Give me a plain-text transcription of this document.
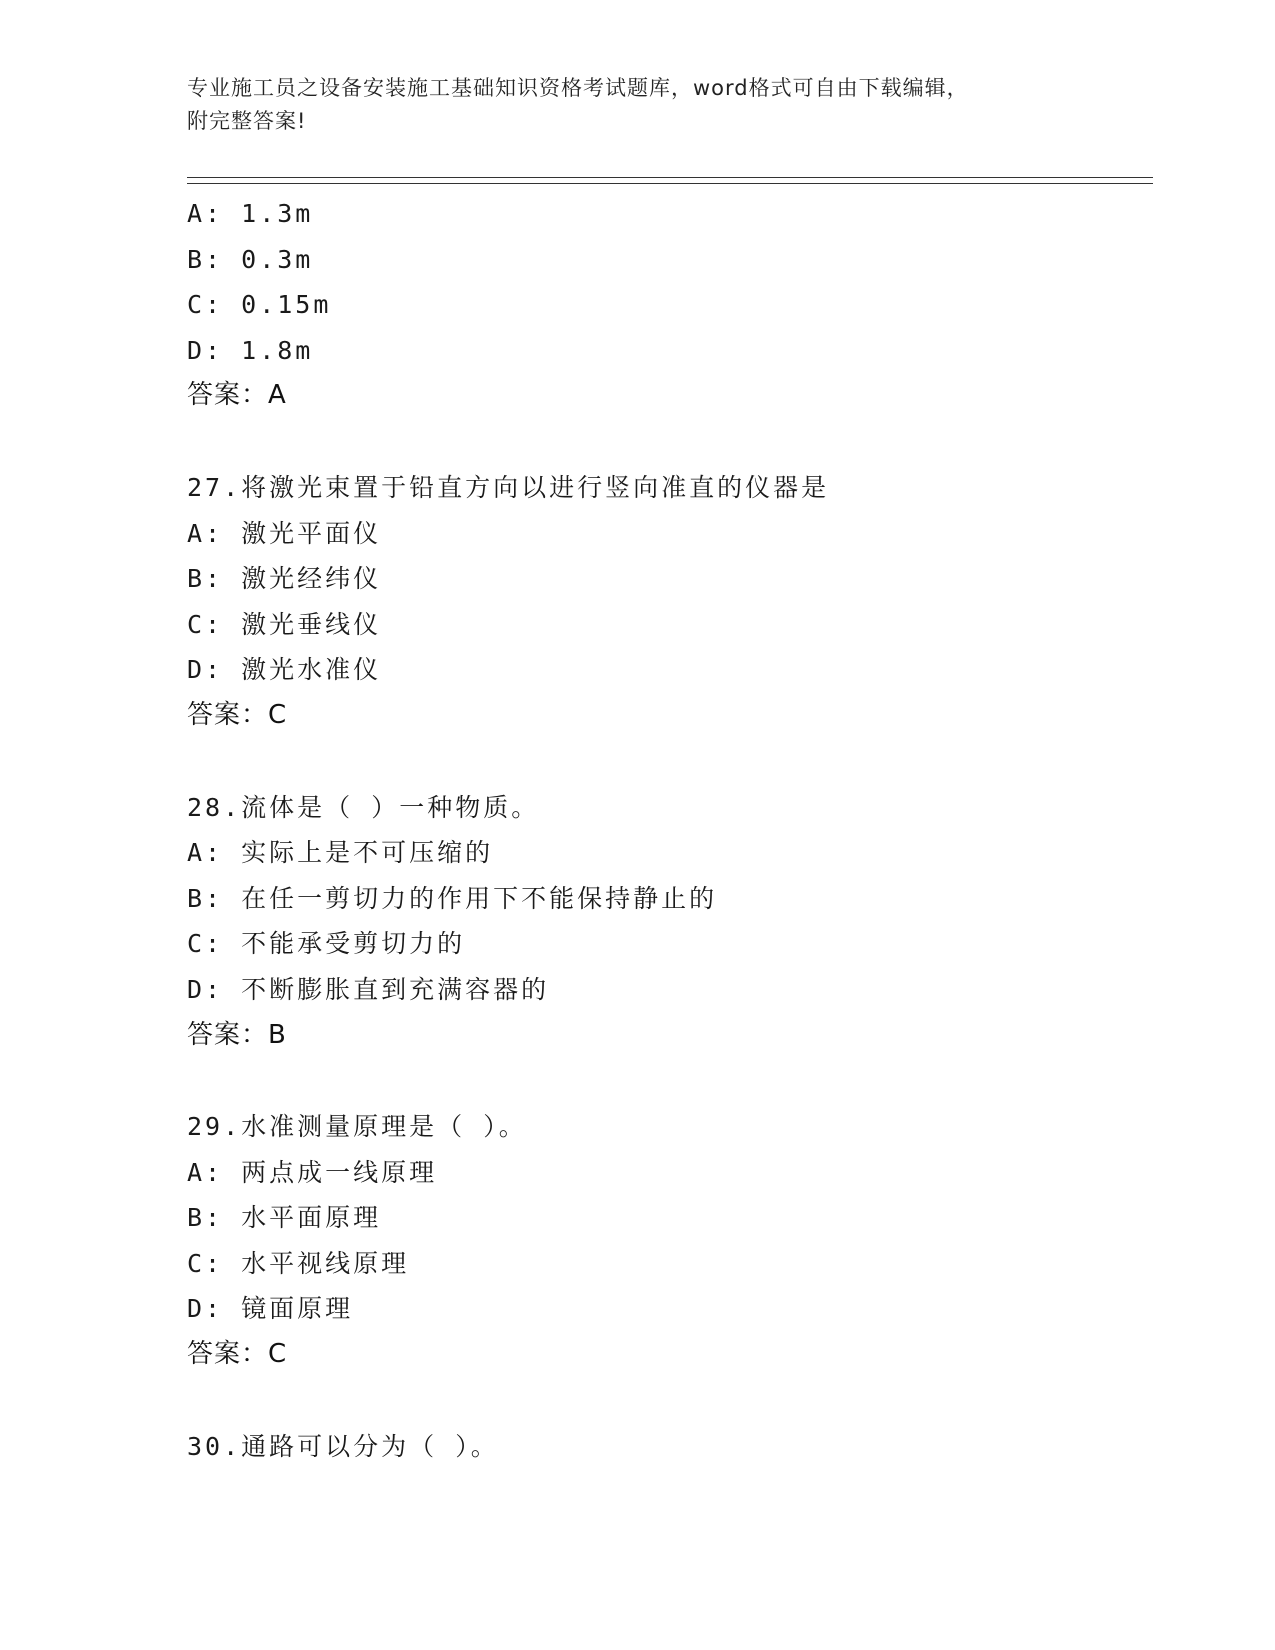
专业施工员之设备安装施工基础知识资格考试题库，word格式可自由下载编辑，
附完整答案!
A: 1.3m
B: 0.3m
C: 0.15m
D: 1.8m
答案：A
27.将激光束置于铅直方向以进行竖向准直的仪器是
A: 激光平面仪
B: 激光经纬仪
C: 激光垂线仪
D: 激光水准仪
答案：C
28.流体是（ ）一种物质。
A: 实际上是不可压缩的
B: 在任一剪切力的作用下不能保持静止的
C: 不能承受剪切力的
D: 不断膨胀直到充满容器的
答案：B
29.水准测量原理是（ ）。
A: 两点成一线原理
B: 水平面原理
C: 水平视线原理
D: 镜面原理
答案：C
30.通路可以分为（ ）。
